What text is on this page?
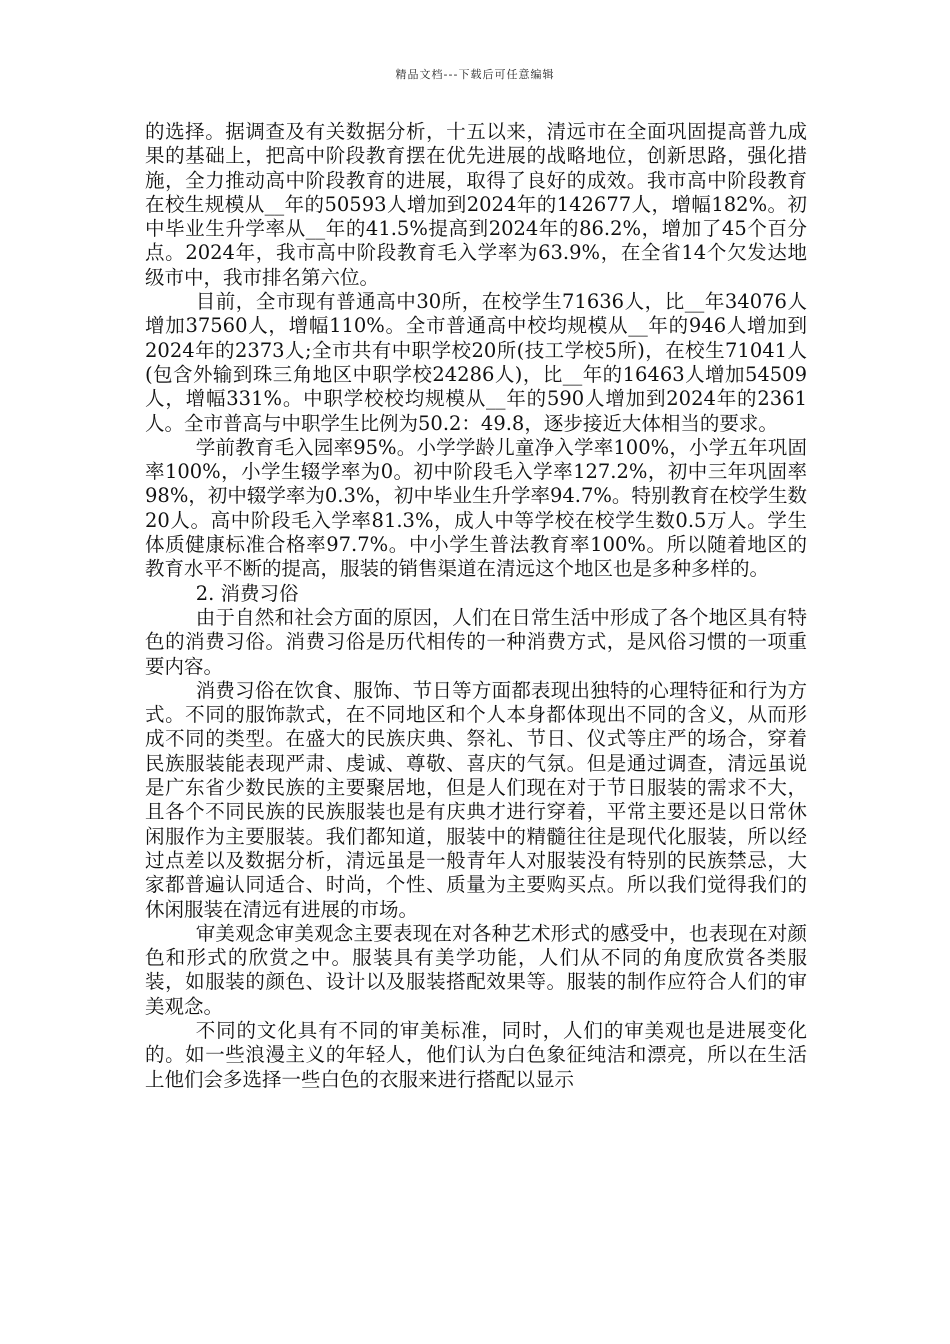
精品文档---下载后可任意编辑

的选择。据调查及有关数据分析，十五以来，清远市在全面巩固提高普九成果的基础上，把高中阶段教育摆在优先进展的战略地位，创新思路，强化措施，全力推动高中阶段教育的进展，取得了良好的成效。我市高中阶段教育在校生规模从__年的50593人增加到2024年的142677人，增幅182%。初中毕业生升学率从__年的41.5%提高到2024年的86.2%，增加了45个百分点。2024年，我市高中阶段教育毛入学率为63.9%，在全省14个欠发达地级市中，我市排名第六位。

目前，全市现有普通高中30所，在校学生71636人，比__年34076人增加37560人，增幅110%。全市普通高中校均规模从__年的946人增加到2024年的2373人;全市共有中职学校20所(技工学校5所)，在校生71041人(包含外输到珠三角地区中职学校24286人)，比__年的16463人增加54509人，增幅331%。中职学校校均规模从__年的590人增加到2024年的2361人。全市普高与中职学生比例为50.2：49.8，逐步接近大体相当的要求。

学前教育毛入园率95%。小学学龄儿童净入学率100%，小学五年巩固率100%，小学生辍学率为0。初中阶段毛入学率127.2%，初中三年巩固率98%，初中辍学率为0.3%，初中毕业生升学率94.7%。特别教育在校学生数20人。高中阶段毛入学率81.3%，成人中等学校在校学生数0.5万人。学生体质健康标准合格率97.7%。中小学生普法教育率100%。所以随着地区的教育水平不断的提高，服装的销售渠道在清远这个地区也是多种多样的。

2. 消费习俗

由于自然和社会方面的原因，人们在日常生活中形成了各个地区具有特色的消费习俗。消费习俗是历代相传的一种消费方式，是风俗习惯的一项重要内容。

消费习俗在饮食、服饰、节日等方面都表现出独特的心理特征和行为方式。不同的服饰款式，在不同地区和个人本身都体现出不同的含义，从而形成不同的类型。在盛大的民族庆典、祭礼、节日、仪式等庄严的场合，穿着民族服装能表现严肃、虔诚、尊敬、喜庆的气氛。但是通过调查，清远虽说是广东省少数民族的主要聚居地，但是人们现在对于节日服装的需求不大，且各个不同民族的民族服装也是有庆典才进行穿着，平常主要还是以日常休闲服作为主要服装。我们都知道，服装中的精髓往往是现代化服装，所以经过点差以及数据分析，清远虽是一般青年人对服装没有特别的民族禁忌，大家都普遍认同适合、时尚，个性、质量为主要购买点。所以我们觉得我们的休闲服装在清远有进展的市场。

审美观念审美观念主要表现在对各种艺术形式的感受中，也表现在对颜色和形式的欣赏之中。服装具有美学功能，人们从不同的角度欣赏各类服装，如服装的颜色、设计以及服装搭配效果等。服装的制作应符合人们的审美观念。

不同的文化具有不同的审美标准，同时，人们的审美观也是进展变化的。如一些浪漫主义的年轻人，他们认为白色象征纯洁和漂亮，所以在生活上他们会多选择一些白色的衣服来进行搭配以显示
